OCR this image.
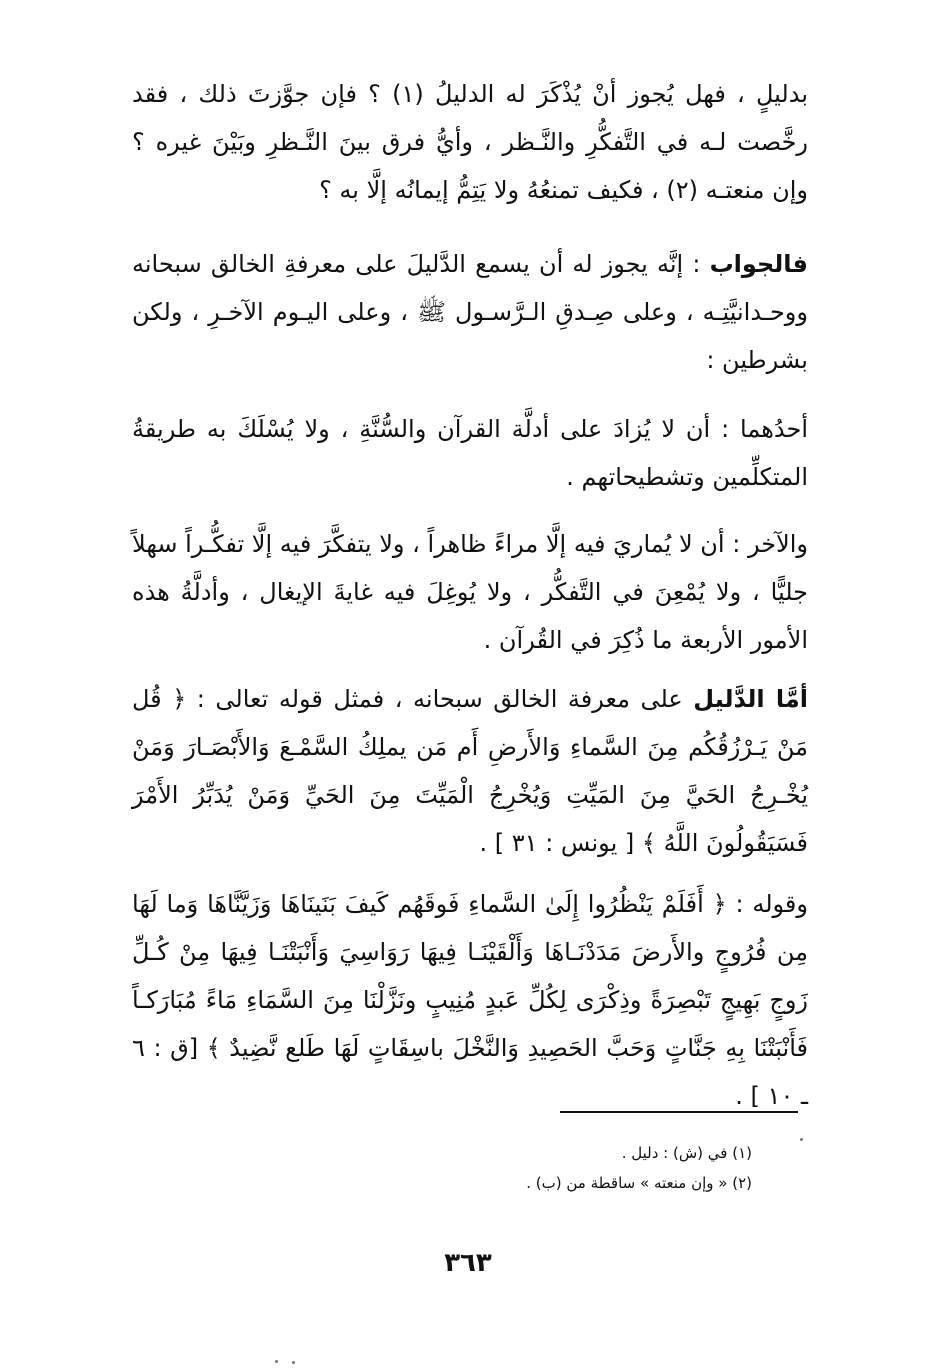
بدليلٍ ، فهل يُجوز أنْ يُذْكَرَ له الدليلُ (١) ؟ فإن جوَّزتَ ذلك ، فقد رخَّصت لـه في التَّفكُّرِ والنَّـظر ، وأيُّ فرق بينَ النَّـظرِ وبَيْنَ غيره ؟ وإن منعتـه (٢) ، فكيف تمنعُهُ ولا يَتِمُّ إيمانُه إلَّا به ؟

فالجواب : إنَّه يجوز له أن يسمع الدَّليلَ على معرفةِ الخالق سبحانه ووحـدانيَّتِـه ، وعلى صِـدقِ الـرَّسـول ﷺ ، وعلى اليـوم الآخـرِ ، ولكن بشرطين :

أحدُهما : أن لا يُزادَ على أدلَّة القرآن والسُّنَّةِ ، ولا يُسْلَكَ به طريقةُ المتكلِّمين وتشطيحاتهم .

والآخر : أن لا يُماريَ فيه إلَّا مراءً ظاهراً ، ولا يتفكَّرَ فيه إلَّا تفكُّـراً سهلاً جليًّا ، ولا يُمْعِنَ في التَّفكُّر ، ولا يُوغِلَ فيه غايةَ الإيغال ، وأدلَّةُ هذه الأمور الأربعة ما ذُكِرَ في القُرآن .

أمَّا الدَّليل على معرفة الخالق سبحانه ، فمثل قوله تعالى : ﴿ قُل مَنْ يَـرْزُقُكُم مِنَ السَّماءِ وَالأَرضِ أَم مَن يملِكُ السَّمْـعَ وَالأَبْصَـارَ وَمَنْ يُخْـرِجُ الحَيَّ مِنَ المَيِّتِ وَيُخْرِجُ الْمَيِّتَ مِنَ الحَيِّ وَمَنْ يُدَبِّرُ الأَمْرَ فَسَيَقُولُونَ اللَّهُ ﴾ [ يونس : ٣١ ] .

وقوله : ﴿ أَفَلَمْ يَنْظُرُوا إِلَىٰ السَّماءِ فَوقَهُم كَيفَ بَنَينَاهَا وَزَيَّنَّاهَا وَما لَهَا مِن فُرُوجٍ والأَرضَ مَدَدْنَـاهَا وَأَلْقَيْنَـا فِيهَا رَوَاسِيَ وَأَنْبَتْنَـا فِيهَا مِنْ كُـلِّ زَوجٍ بَهِيجٍ تَبْصِرَةً وذِكْرَى لِكُلِّ عَبدٍ مُنِيبٍ ونَزَّلْنَا مِنَ السَّمَاءِ مَاءً مُبَارَكـاً فَأَنْبَتْنَا بِهِ جَنَّاتٍ وَحَبَّ الحَصِيدِ وَالنَّخْلَ باسِقَاتٍ لَهَا طَلع نَّضِيدٌ ﴾ [ق : ٦ ـ ١٠ ] .

(١) في (ش) : دليل .

(٢) « وإن منعته » ساقطة من (ب) .

٣٦٣
